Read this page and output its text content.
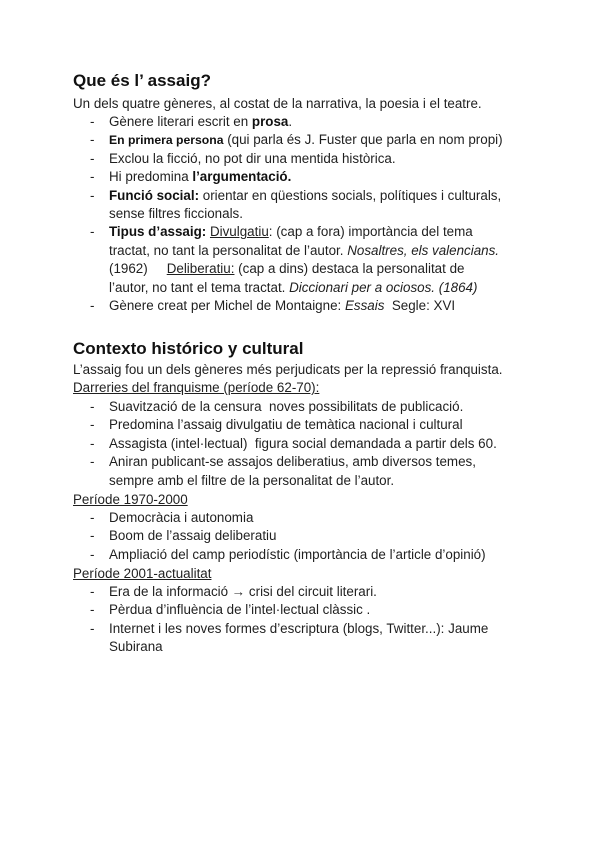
Que és l’ assaig?
Un dels quatre gèneres, al costat de la narrativa, la poesia i el teatre.
- Gènere literari escrit en prosa.
- En primera persona (qui parla és J. Fuster que parla en nom propi)
- Exclou la ficció, no pot dir una mentida històrica.
- Hi predomina l’argumentació.
- Funció social: orientar en qüestions socials, polítiques i culturals,
sense filtres ficcionals.
- Tipus d’assaig: Divulgatiu: (cap a fora) importància del tema
tractat, no tant la personalitat de l’autor. Nosaltres, els valencians.
(1962) Deliberatiu: (cap a dins) destaca la personalitat de
l’autor, no tant el tema tractat. Diccionari per a ociosos. (1864)
- Gènere creat per Michel de Montaigne: Essais  Segle: XVI
Contexto histórico y cultural
L’assaig fou un dels gèneres més perjudicats per la repressió franquista.
Darreries del franquisme (període 62-70):
- Suavització de la censura  noves possibilitats de publicació.
- Predomina l’assaig divulgatiu de temàtica nacional i cultural
- Assagista (intel·lectual)  figura social demandada a partir dels 60.
- Aniran publicant-se assajos deliberatius, amb diversos temes,
sempre amb el filtre de la personalitat de l’autor.
Període 1970-2000
- Democràcia i autonomia
- Boom de l’assaig deliberatiu
- Ampliació del camp periodístic (importància de l’article d’opinió)
Període 2001-actualitat
- Era de la informació → crisi del circuit literari.
- Pèrdua d’influència de l’intel·lectual clàssic .
- Internet i les noves formes d’escriptura (blogs, Twitter...): Jaume
Subirana
